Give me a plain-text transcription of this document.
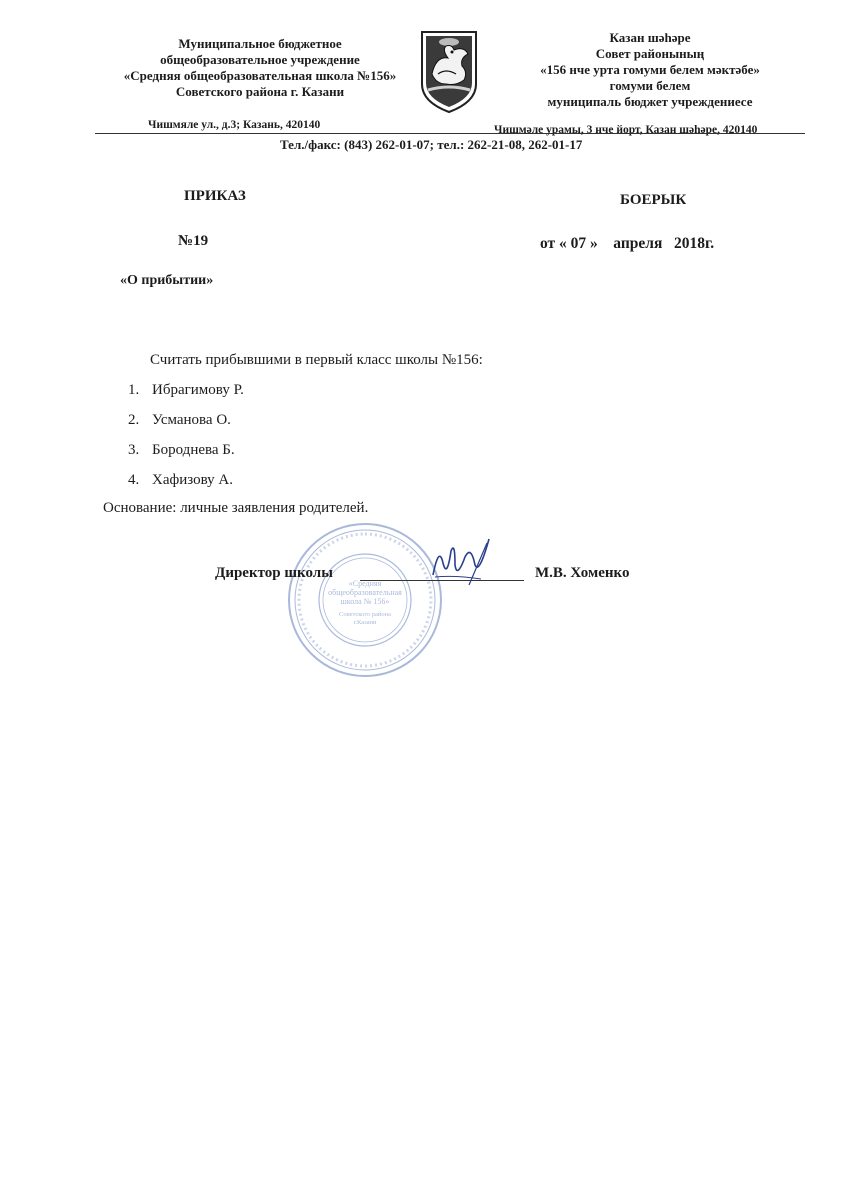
Муниципальное бюджетное
общеобразовательное учреждение
«Средняя общеобразовательная школа №156»
Советского района г. Казани
Казан шәһәре
Совет районының
«156 нче урта гомуми белем мәктәбе»
гомуми белем
муниципаль бюджет учреждениесе
Чишмяле ул., д.3; Казань, 420140	Чишмәле урамы, 3 нче йорт, Казан шәһәре, 420140
Тел./факс: (843) 262-01-07; тел.: 262-21-08, 262-01-17
ПРИКАЗ	БОЕРЫК
№19	от « 07 »    апреля   2018г.
«О прибытии»
Считать прибывшими в первый класс школы №156:
1. Ибрагимову Р.
2. Усманова О.
3. Бороднева Б.
4. Хафизову А.
Основание: личные заявления родителей.
«Средняя
общеобразовательная
школа № 156»
Советского района
г.Казани
Директор школы	М.В. Хоменко
